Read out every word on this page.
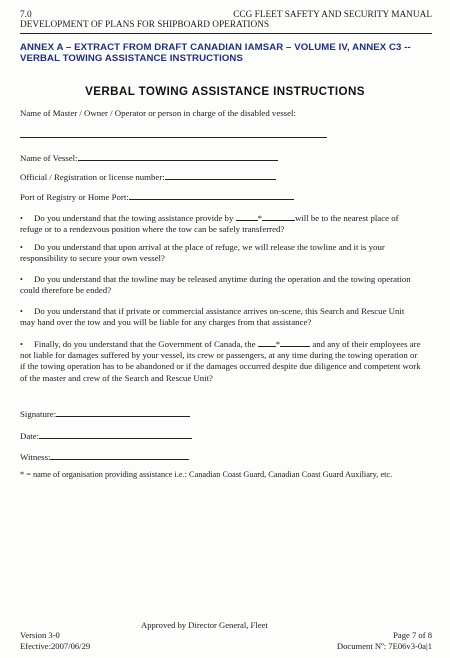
7.0	CCG FLEET SAFETY AND SECURITY MANUAL
DEVELOPMENT OF PLANS FOR SHIPBOARD OPERATIONS
ANNEX A – EXTRACT FROM DRAFT CANADIAN IAMSAR – VOLUME IV, ANNEX C3 --
VERBAL TOWING ASSISTANCE INSTRUCTIONS
VERBAL TOWING ASSISTANCE INSTRUCTIONS
Name of Master / Owner / Operator or person in charge of the disabled vessel:
Name of Vessel:
Official / Registration or license number:
Port of Registry or Home Port:
• Do you understand that the towing assistance provide by	*	will be to the nearest place of
refuge or to a rendezvous position where the tow can be safely transferred?
• Do you understand that upon arrival at the place of refuge, we will release the towline and it is your
responsibility to secure your own vessel?
• Do you understand that the towline may be released anytime during the operation and the towing operation
could therefore be ended?
• Do you understand that if private or commercial assistance arrives on-scene, this Search and Rescue Unit
may hand over the tow and you will be liable for any charges from that assistance?
• Finally, do you understand that the Government of Canada, the *	and any of their employees are
not liable for damages suffered by your vessel, its crew or passengers, at any time during the towing operation or
if the towing operation has to be abandoned or if the damages occurred despite due diligence and competent work
of the master and crew of the Search and Rescue Unit?
Signature:
Date:
Witness:
* = name of organisation providing assistance i.e.: Canadian Coast Guard, Canadian Coast Guard Auxiliary, etc.
Approved by Director General, Fleet
Version 3-0
Efective:2007/06/29
Page 7 of 8
Document Nº: 7E06v3-0a|1
